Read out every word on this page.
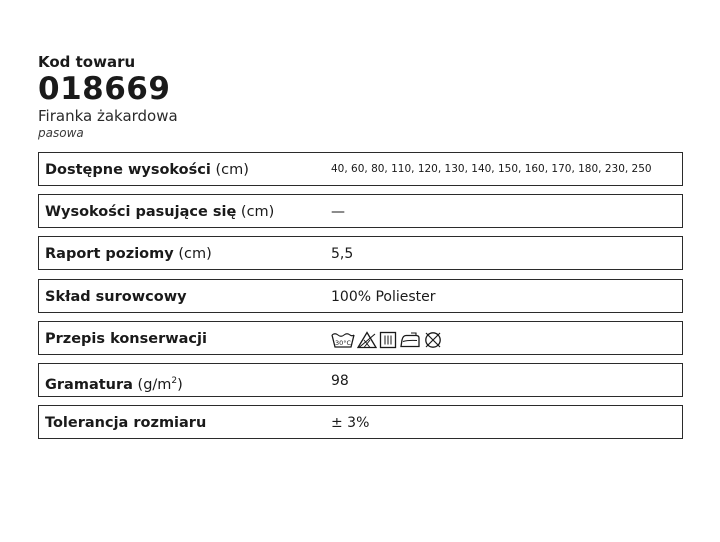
Kod towaru
018669
Firanka żakardowa
pasowa
Dostępne wysokości (cm)	40, 60, 80, 110, 120, 130, 140, 150, 160, 170, 180, 230, 250
Wysokości pasujące się (cm)	—
Raport poziomy (cm)	5,5
Skład surowcowy	100% Poliester
Przepis konserwacji	30°C
Gramatura $(g/m^2)$	98
Tolerancja rozmiaru	± 3%
